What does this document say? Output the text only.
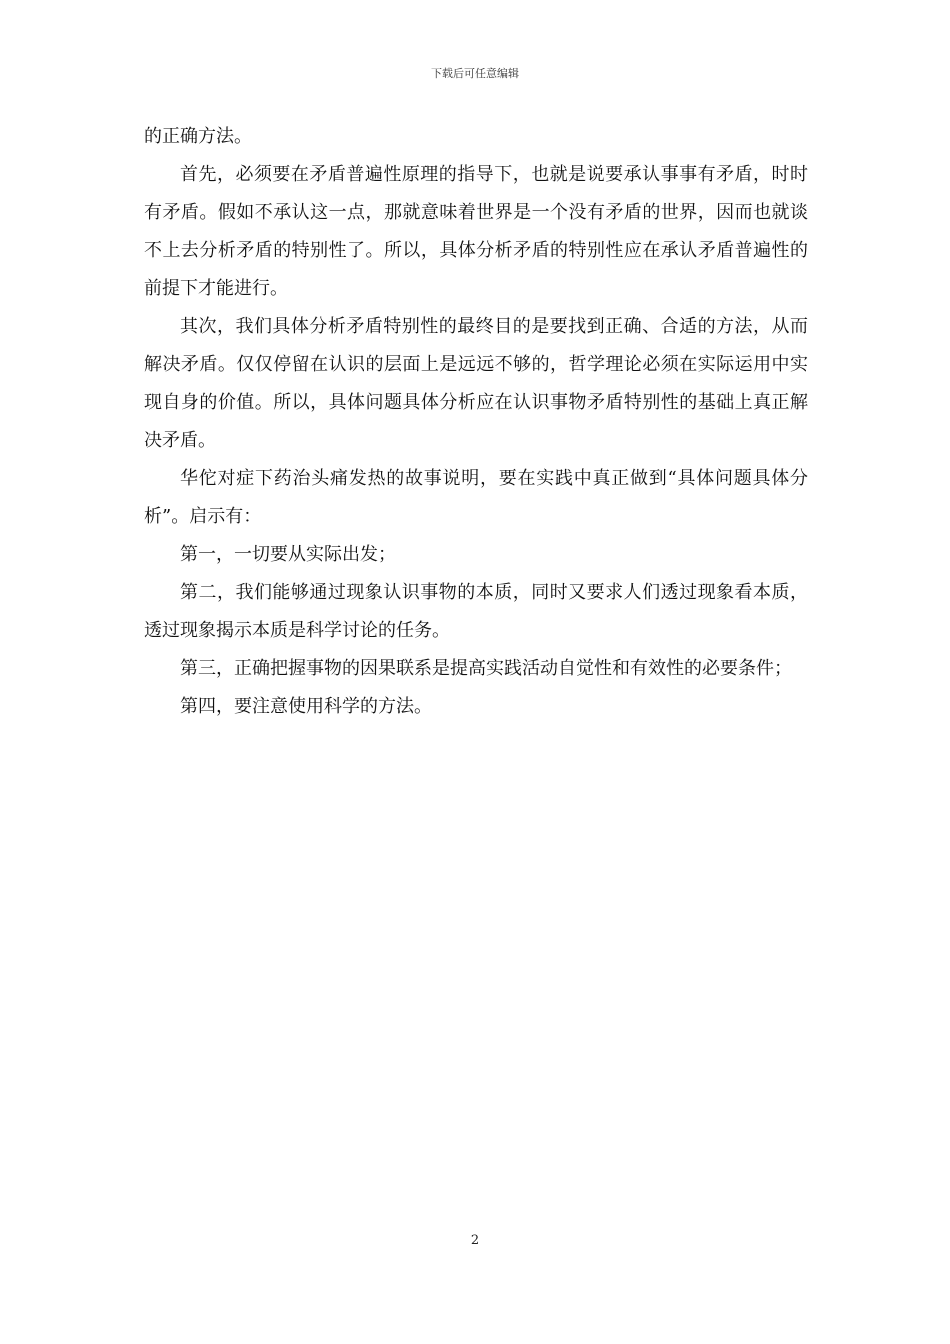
下载后可任意编辑

的正确方法。

首先，必须要在矛盾普遍性原理的指导下，也就是说要承认事事有矛盾，时时有矛盾。假如不承认这一点，那就意味着世界是一个没有矛盾的世界，因而也就谈不上去分析矛盾的特别性了。所以，具体分析矛盾的特别性应在承认矛盾普遍性的前提下才能进行。

其次，我们具体分析矛盾特别性的最终目的是要找到正确、合适的方法，从而解决矛盾。仅仅停留在认识的层面上是远远不够的，哲学理论必须在实际运用中实现自身的价值。所以，具体问题具体分析应在认识事物矛盾特别性的基础上真正解决矛盾。

华佗对症下药治头痛发热的故事说明，要在实践中真正做到“具体问题具体分析”。启示有：

第一，一切要从实际出发；

第二，我们能够通过现象认识事物的本质，同时又要求人们透过现象看本质，透过现象揭示本质是科学讨论的任务。

第三，正确把握事物的因果联系是提高实践活动自觉性和有效性的必要条件；

第四，要注意使用科学的方法。

2
